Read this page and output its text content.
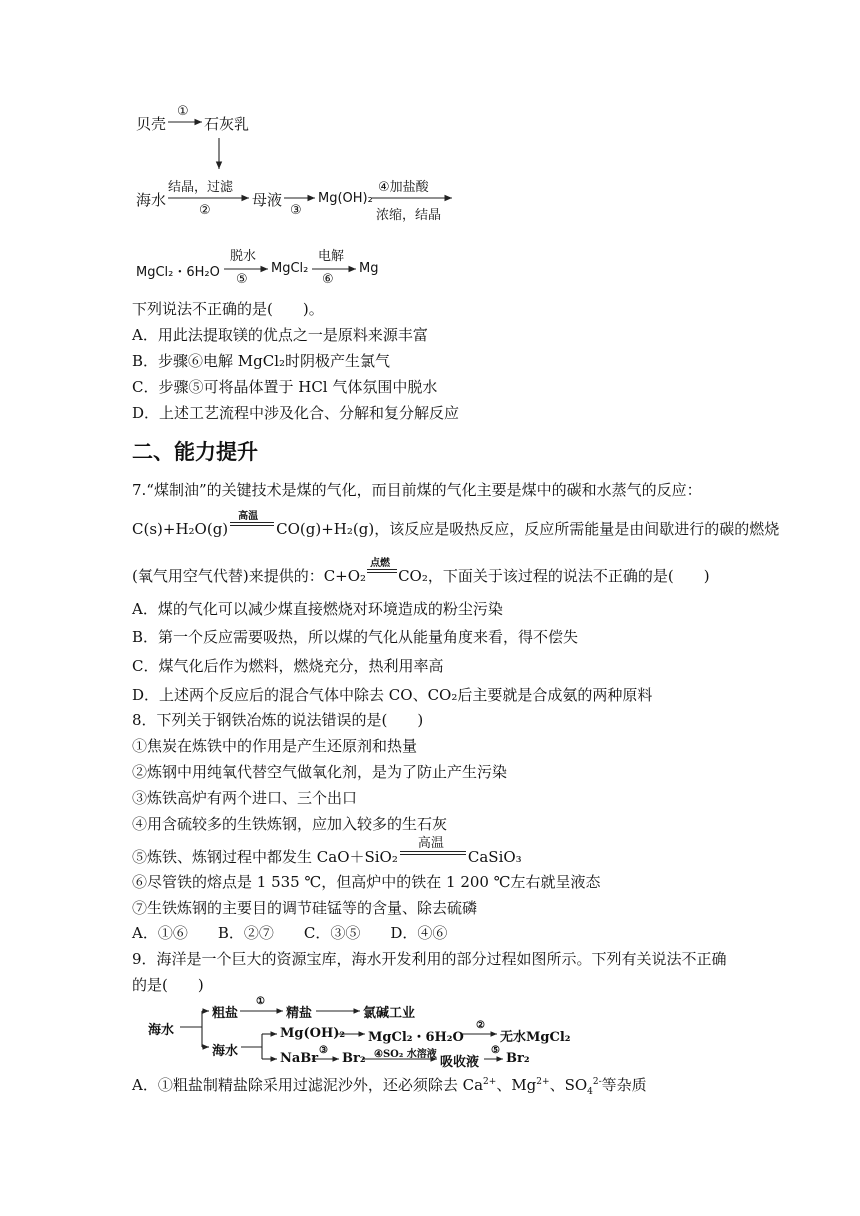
贝壳
①
石灰乳
海水
结晶，过滤
②
母液
③
Mg(OH)₂
④加盐酸
浓缩，结晶
MgCl₂・6H₂O
脱水
⑤
MgCl₂
电解
⑥
Mg
下列说法不正确的是(　　)。
A．用此法提取镁的优点之一是原料来源丰富
B．步骤⑥电解 MgCl₂时阴极产生氯气
C．步骤⑤可将晶体置于 HCl 气体氛围中脱水
D．上述工艺流程中涉及化合、分解和复分解反应
二、能力提升
7.“煤制油”的关键技术是煤的气化，而目前煤的气化主要是煤中的碳和水蒸气的反应：
C(s)+H₂O(g)
高温
CO(g)+H₂(g)，该反应是吸热反应，反应所需能量是由间歇进行的碳的燃烧
(氧气用空气代替)来提供的：C+O₂
点燃
CO₂，下面关于该过程的说法不正确的是(　　)
A．煤的气化可以减少煤直接燃烧对环境造成的粉尘污染
B．第一个反应需要吸热，所以煤的气化从能量角度来看，得不偿失
C．煤气化后作为燃料，燃烧充分，热利用率高
D．上述两个反应后的混合气体中除去 CO、CO₂后主要就是合成氨的两种原料
8．下列关于钢铁冶炼的说法错误的是(　　)
①焦炭在炼铁中的作用是产生还原剂和热量
②炼钢中用纯氧代替空气做氧化剂，是为了防止产生污染
③炼铁高炉有两个进口、三个出口
④用含硫较多的生铁炼钢，应加入较多的生石灰
⑤炼铁、炼钢过程中都发生 CaO＋SiO₂
高温
CaSiO₃
⑥尽管铁的熔点是 1 535 ℃，但高炉中的铁在 1 200 ℃左右就呈液态
⑦生铁炼钢的主要目的调节硅锰等的含量、除去硫磷
A．①⑥　　B．②⑦　　C．③⑤　　D．④⑥
9．海洋是一个巨大的资源宝库，海水开发利用的部分过程如图所示。下列有关说法不正确
的是(　　)
海水
粗盐
①
精盐	氯碱工业
海水
Mg(OH)₂ MgCl₂・6H₂O
②
无水MgCl₂
NaBr
③
Br₂ ④SO₂ 水溶液
吸收液
⑤
Br₂
A．①粗盐制精盐除采用过滤泥沙外，还必须除去 $Ca^{2+}$、$Mg^{2+}$、$SO_4^{2-}$等杂质
